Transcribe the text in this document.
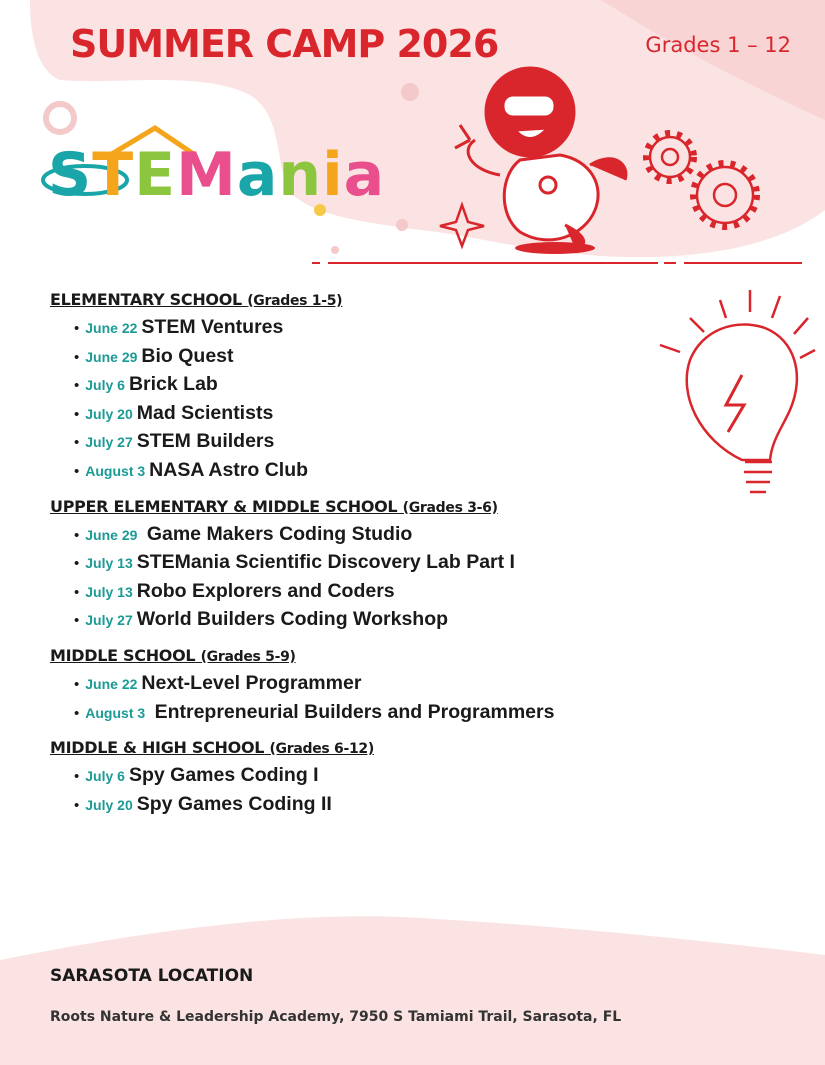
SUMMER CAMP 2026	Grades 1 – 12
STEMania
ELEMENTARY SCHOOL (Grades 1-5)
• June 22 STEM Ventures
• June 29 Bio Quest
• July 6 Brick Lab
• July 20 Mad Scientists
• July 27 STEM Builders
• August 3 NASA Astro Club
UPPER ELEMENTARY & MIDDLE SCHOOL (Grades 3-6)
• June 29 Game Makers Coding Studio
• July 13 STEMania Scientific Discovery Lab Part I
• July 13 Robo Explorers and Coders
• July 27 World Builders Coding Workshop
MIDDLE SCHOOL (Grades 5-9)
• June 22 Next-Level Programmer
• August 3 Entrepreneurial Builders and Programmers
MIDDLE & HIGH SCHOOL (Grades 6-12)
• July 6 Spy Games Coding I
• July 20 Spy Games Coding II
SARASOTA LOCATION
Roots Nature & Leadership Academy, 7950 S Tamiami Trail, Sarasota, FL
